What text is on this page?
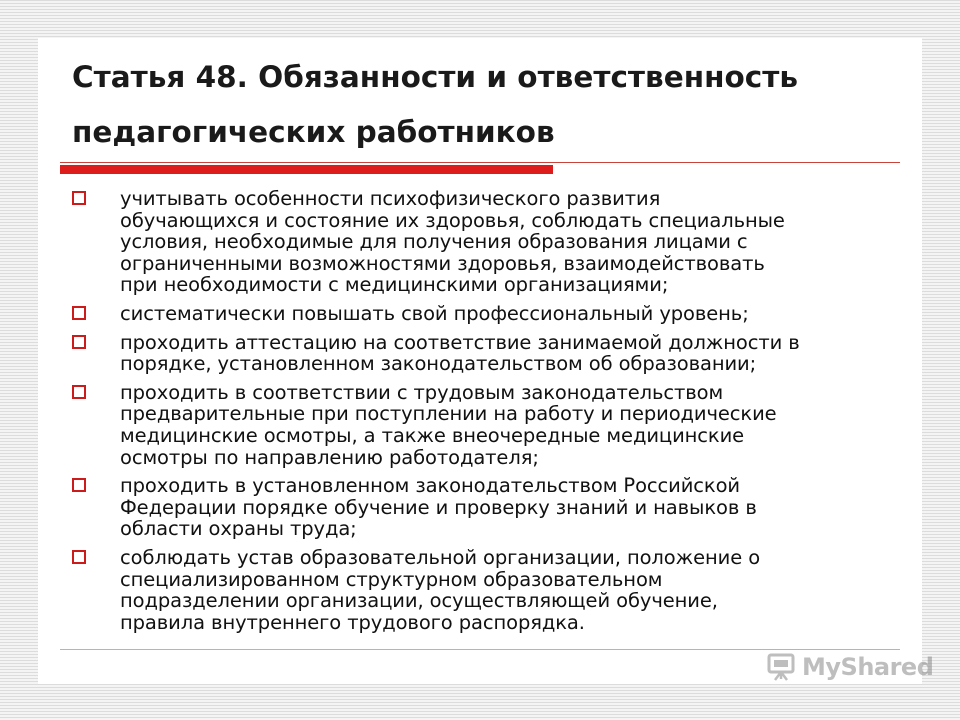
Статья 48. Обязанности и ответственность
педагогических работников
учитывать особенности психофизического развития
обучающихся и состояние их здоровья, соблюдать специальные
условия, необходимые для получения образования лицами с
ограниченными возможностями здоровья, взаимодействовать
при необходимости с медицинскими организациями;
систематически повышать свой профессиональный уровень;
проходить аттестацию на соответствие занимаемой должности в
порядке, установленном законодательством об образовании;
проходить в соответствии с трудовым законодательством
предварительные при поступлении на работу и периодические
медицинские осмотры, а также внеочередные медицинские
осмотры по направлению работодателя;
проходить в установленном законодательством Российской
Федерации порядке обучение и проверку знаний и навыков в
области охраны труда;
соблюдать устав образовательной организации, положение о
специализированном структурном образовательном
подразделении организации, осуществляющей обучение,
правила внутреннего трудового распорядка.
MyShared
